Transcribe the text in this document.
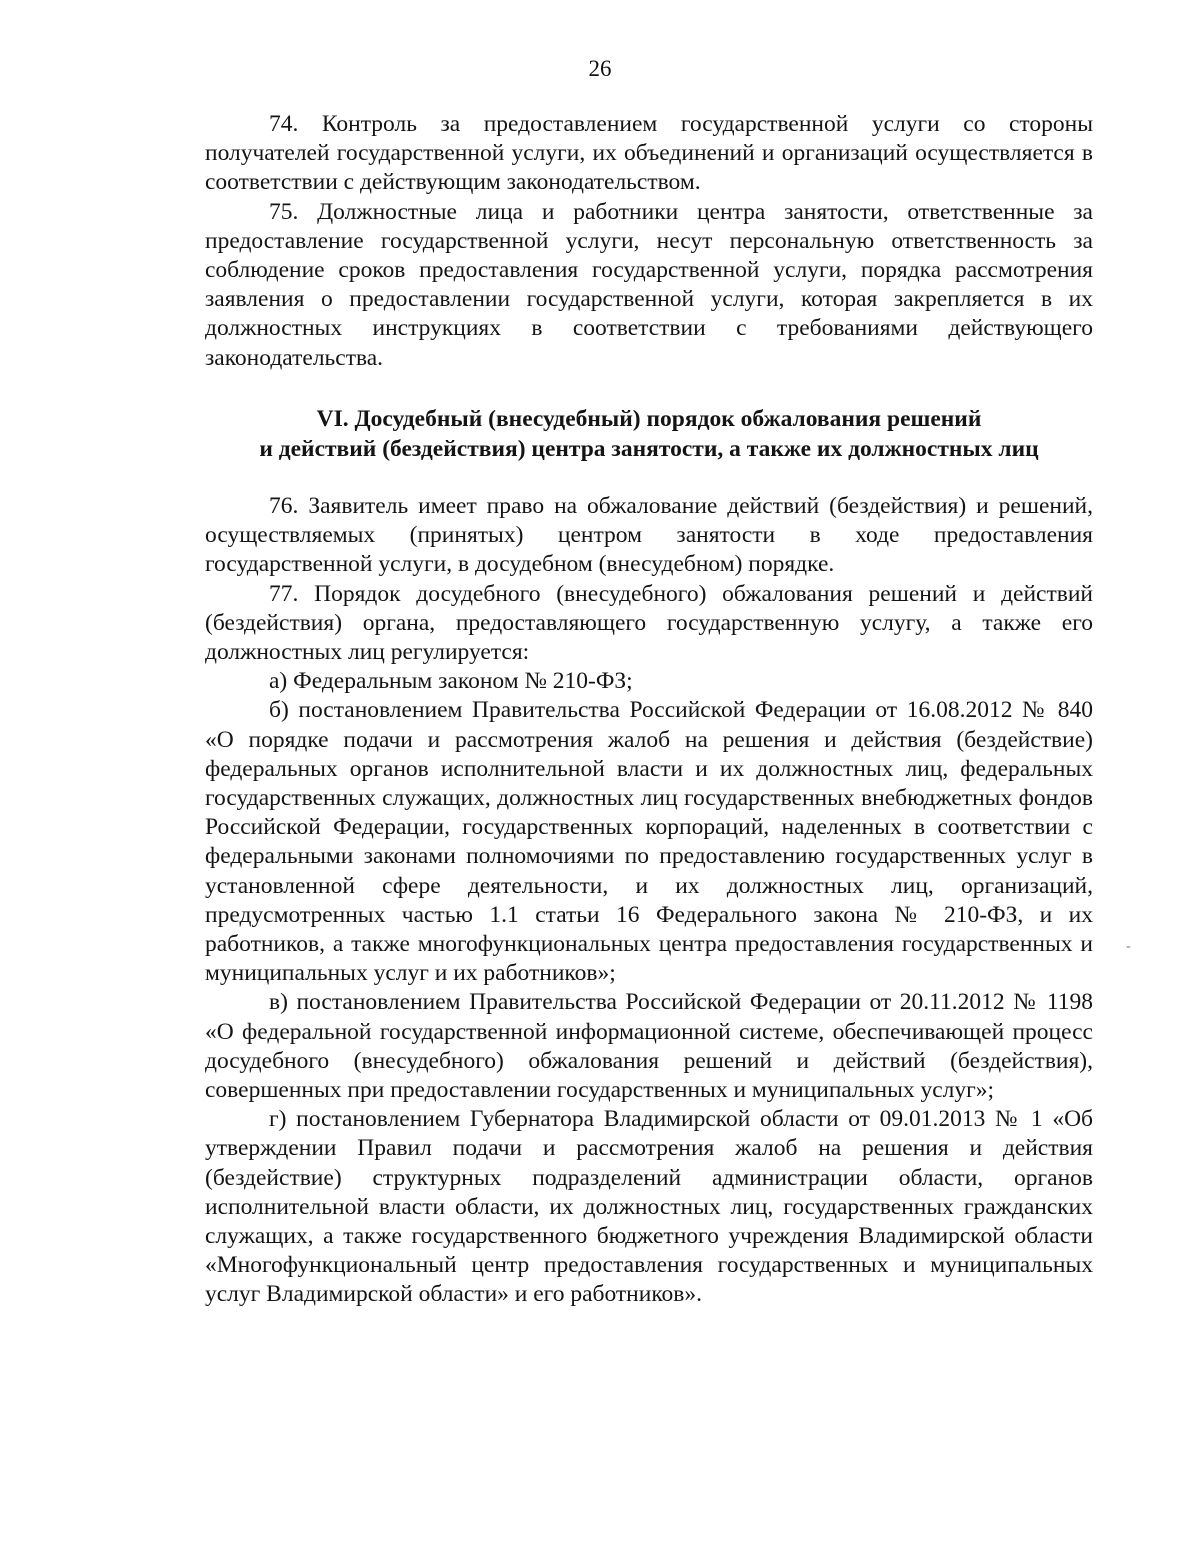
26

74. Контроль за предоставлением государственной услуги со стороны получателей государственной услуги, их объединений и организаций осуществляется в соответствии с действующим законодательством.

75. Должностные лица и работники центра занятости, ответственные за предоставление государственной услуги, несут персональную ответственность за соблюдение сроков предоставления государственной услуги, порядка рассмотрения заявления о предоставлении государственной услуги, которая закрепляется в их должностных инструкциях в соответствии с требованиями действующего законодательства.

VI. Досудебный (внесудебный) порядок обжалования решений
и действий (бездействия) центра занятости, а также их должностных лиц

76. Заявитель имеет право на обжалование действий (бездействия) и решений, осуществляемых (принятых) центром занятости в ходе предоставления государственной услуги, в досудебном (внесудебном) порядке.

77. Порядок досудебного (внесудебного) обжалования решений и действий (бездействия) органа, предоставляющего государственную услугу, а также его должностных лиц регулируется:

а) Федеральным законом № 210-ФЗ;

б) постановлением Правительства Российской Федерации от 16.08.2012 № 840 «О порядке подачи и рассмотрения жалоб на решения и действия (бездействие) федеральных органов исполнительной власти и их должностных лиц, федеральных государственных служащих, должностных лиц государственных внебюджетных фондов Российской Федерации, государственных корпораций, наделенных в соответствии с федеральными законами полномочиями по предоставлению государственных услуг в установленной сфере деятельности, и их должностных лиц, организаций, предусмотренных частью 1.1 статьи 16 Федерального закона № 210-ФЗ, и их работников, а также многофункциональных центра предоставления государственных и муниципальных услуг и их работников»;

в) постановлением Правительства Российской Федерации от 20.11.2012 № 1198 «О федеральной государственной информационной системе, обеспечивающей процесс досудебного (внесудебного) обжалования решений и действий (бездействия), совершенных при предоставлении государственных и муниципальных услуг»;

г) постановлением Губернатора Владимирской области от 09.01.2013 № 1 «Об утверждении Правил подачи и рассмотрения жалоб на решения и действия (бездействие) структурных подразделений администрации области, органов исполнительной власти области, их должностных лиц, государственных гражданских служащих, а также государственного бюджетного учреждения Владимирской области «Многофункциональный центр предоставления государственных и муниципальных услуг Владимирской области» и его работников».

-
